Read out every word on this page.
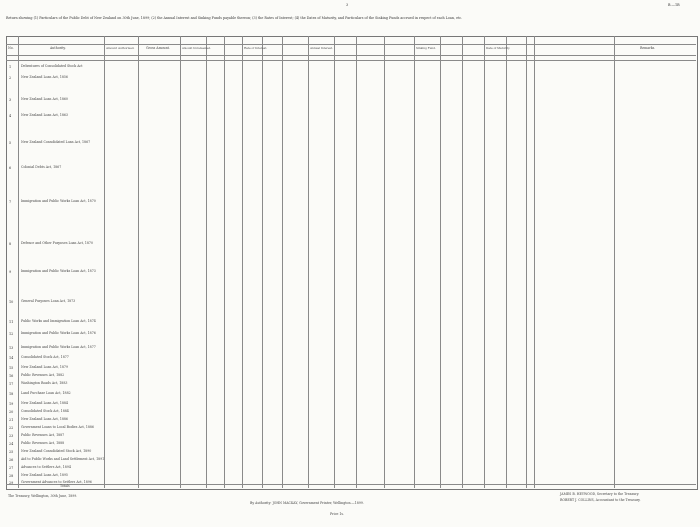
3	B.—1B
Return showing (1) Particulars of the Public Debt of New Zealand on 30th June, 1899; (2) the Annual Interest and Sinking Funds payable thereon; (3) the Rates of Interest; (4) the Dates of Maturity, and Particulars of the Sinking Funds accrued in respect of each Loan, etc.
No.	Authority.	Amount Authorised.	Gross Amount.	Amount Unredeemed.	Rate of Interest.	Annual Interest.	Sinking Fund.	Date of Maturity.	Remarks.
1	Debentures of Consolidated Stock Act
2	New Zealand Loan Act, 1856
3	New Zealand Loan Act, 1860
4	New Zealand Loan Act, 1863
5	New Zealand Consolidated Loan Act, 1867
6	Colonial Debts Act, 1867
7	Immigration and Public Works Loan Act, 1870
8	Defence and Other Purposes Loan Act, 1870
9	Immigration and Public Works Loan Act, 1873
10 General Purposes Loan Act, 1873
11 Public Works and Immigration Loan Act, 1874
12 Immigration and Public Works Loan Act, 1876
13 Immigration and Public Works Loan Act, 1877
14 Consolidated Stock Act, 1877
15 New Zealand Loan Act, 1879
16 Public Revenues Act, 1882
17 Washington Roads Act, 1883
18 Land Purchase Loan Act, 1882
19 New Zealand Loan Act, 1884
20 Consolidated Stock Act, 1884
21 New Zealand Loan Act, 1886
22 Government Loans to Local Bodies Act, 1886
23 Public Revenues Act, 1887
24 Public Revenues Act, 1888
25 New Zealand Consolidated Stock Act, 1890
26 Aid to Public Works and Land Settlement Act, 1891
27 Advances to Settlers Act, 1894
28 New Zealand Loan Act, 1895
29 Government Advances to Settlers Act, 1896
Totals
The Treasury, Wellington, 30th June, 1899.
By Authority: JOHN MACKAY, Government Printer, Wellington.—1899.
JAMES B. HEYWOOD, Secretary to the Treasury.
ROBERT J. COLLINS, Accountant to the Treasury.
Price 1s.
